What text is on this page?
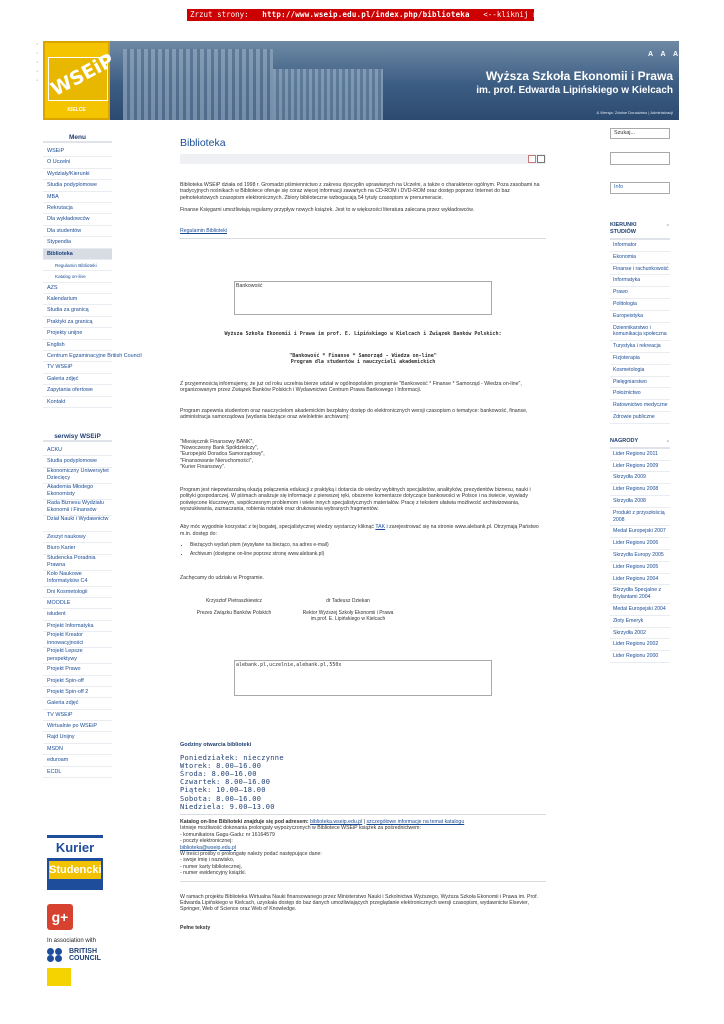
Zrzut strony: http://www.wseip.edu.pl/index.php/biblioteka <--kliknij na adresie
·
·
·
·
· WSEiP
KIELCE
Wyższa Szkoła Ekonomii i Prawa
im. prof. Edwarda Lipińskiego w Kielcach
& Wersja: Zdalne Doradztwo | Administracji
A A A
Menu
WSEiP
O Uczelni
Wydziały/Kierunki
Studia podyplomowe
MBA
Rekrutacja
Dla wykładowców
Dla studentów
Stypendia
Biblioteka
Regulamin Biblioteki
Katalog on-line
AZS
Kalendarium
Studia za granicą
Praktyki za granicą
Projekty unijne
English
Centrum Egzaminacyjne British Council
TV WSEiP
Galeria zdjęć
Zapytania ofertowe
Kontakt
serwisy WSEiP
ACKU
Studia podyplomowe
Ekonomiczny Uniwersytet Dziecięcy
Akademia Młodego Ekonomisty
Rada Biznesu Wydziału Ekonomii i Finansów
Dział Nauki i Wydawnictw
Zeszyt naukowy
Biuro Karier
Studencka Poradnia Prawna
Koło Naukowe Informatyków C4
Dni Kosmetologii
MOODLE
isłudent
Projekt Informatyka
Projekt Kreator innowacyjności
Projekt Lepsze perspektywy
Projekt Prawo
Projekt Spin-off
Projekt Spin-off 2
Galeria zdjęć
TV WSEiP
Wirtualnie po WSEiP
Rajd Unijny
MSDN
eduroam
ECDL
Kurier
Studencki
g+
In association with
BRITISH
COUNCIL
Biblioteka
Biblioteka WSEiP działa od 1998 r. Gromadzi piśmiennictwo z zakresu dyscyplin uprawianych na Uczelni, a także o charakterze ogólnym. Poza zasobami na tradycyjnych nośnikach w Bibliotece oferuje się coraz więcej informacji zawartych na CD-ROM i DVD-ROM oraz dostęp poprzez Internet do baz pełnotekstowych czasopism elektronicznych. Zbiory biblioteczne wzbogacają 54 tytuły czasopism w prenumeracie.
Finanse Księgarni umożliwiają regularny przypływ nowych książek. Jest to w większości literatura zalecana przez wykładowców.
Regulamin Biblioteki
Bankowość
Wyższa Szkoła Ekonomii i Prawa im prof. E. Lipińskiego w Kielcach i Związek Banków Polskich:
"Bankowość * Finanse * Samorząd - Wiedza on-line"
Program dla studentów i nauczycieli akademickich
Z przyjemnością informujemy, że już od roku uczelnia bierze udział w ogólnopolskim programie "Bankowość * Finanse * Samorząd - Wiedza on-line", organizowanym przez Związek Banków Polskich i Wydawnictwo Centrum Prawa Bankowego i Informacji.
Program zapewnia studentom oraz nauczycielom akademickim bezpłatny dostęp do elektronicznych wersji czasopism o tematyce: bankowość, finanse, administracja samorządowa (wydania bieżące oraz wieloletnie archiwum):
"Miesięcznik Finansowy BANK",
"Nowoczesny Bank Spółdzielczy",
"Europejski Doradca Samorządowy",
"Finansowanie Nieruchomości",
"Kurier Finansowy".
Program jest niepowtarzalną okazją połączenia edukacji z praktyką i dotarcia do wiedzy wybitnych specjalistów, analityków, prezydentów biznesu, nauki i polityki gospodarczej. W piśmach analizuje się informacje z pierwszej ręki, obszerne komentarze dotyczące bankowości w Polsce i na świecie, wywiady poświęcone kluczowym, współczesnym problemom i wiele innych specjalistycznych materiałów. Pracę z tekstem ułatwia możliwość archiwizowania, wyszukiwania, zaznaczania, robienia notatek oraz drukowania wybranych fragmentów.
Aby móc wygodnie korzystać z tej bogatej, specjalistycznej wiedzy wystarczy kliknąć TAK i zarejestrować się na stronie www.alebank.pl. Otrzymają Państwo m.in. dostęp do:
• Bieżących wydań pism (wysyłane na bieżąco, na adres e-mail)
• Archiwum (dostępne on-line poprzez stronę www.alebank.pl)
Zachęcamy do udziału w Programie.
Krzysztof Pietraszkiewicz
Prezes Związku Banków Polskich
dr Tadeusz Dziekan
Rektor Wyższej Szkoły Ekonomii i Prawa
im.prof. E. Lipińskiego w Kielcach
alebank.pl,uczelnie,alebank.pl,550x
Godziny otwarcia biblioteki
Poniedziałek: nieczynne
Wtorek: 8.00–16.00
Środa: 8.00–16.00
Czwartek: 8.00–16.00
Piątek: 10.00–18.00
Sobota: 8.00–16.00
Niedziela: 9.00–13.00
Katalog on-line Biblioteki znajduje się pod adresem: biblioteka.wseip.edu.pl | szczegółowe informacje na temat katalogu
Istnieje możliwość dokonania prolongaty wypożyczonych w Bibliotece WSEiP książek za pośrednictwem:
- komunikatora Gagu-Gadu: nr 16164579
- poczty elektronicznej:
biblioteka@wseip.edu.pl
W treści prośby o prolongatę należy podać następujące dane:
- swoje imię i nazwisko,
- numer karty bibliotecznej,
- numer ewidencyjny książki.
W ramach projektu Biblioteka Wirtualna Nauki finansowanego przez Ministerstwo Nauki i Szkolnictwa Wyższego, Wyższa Szkoła Ekonomii i Prawa im. Prof. Edwarda Lipińskiego w Kielcach, uzyskała dostęp do baz danych umożliwiających przeglądanie elektronicznych wersji czasopism, wydawnictw Elsevier, Springer, Web of Science oraz Web of Knowledge.
Pełne teksty
Szukaj...
Info
KIERUNKI STUDIÓW
⌃
Informator
Ekonomia
Finanse i rachunkowość
Informatyka
Prawo
Politologia
Europeistyka
Dziennikarstwo i komunikacja społeczna
Turystyka i rekreacja
Fizjoterapia
Kosmetologia
Pielęgniarstwo
Położnictwo
Ratownictwo medyczne
Zdrowie publiczne
NAGRODY	⌃
Lider Regionu 2011
Lider Regionu 2009
Skrzydła 2009
Lider Regionu 2008
Skrzydła 2008
Produkt z przyszłością 2008
Medal Europejski 2007
Lider Regionu 2006
Skrzydła Europy 2005
Lider Regionu 2005
Lider Regionu 2004
Skrzydła Specjalne z Brylantami 2004
Medal Europejski 2004
Złoty Emeryk
Skrzydła 2002
Lider Regionu 2002
Lider Regionu 2000
